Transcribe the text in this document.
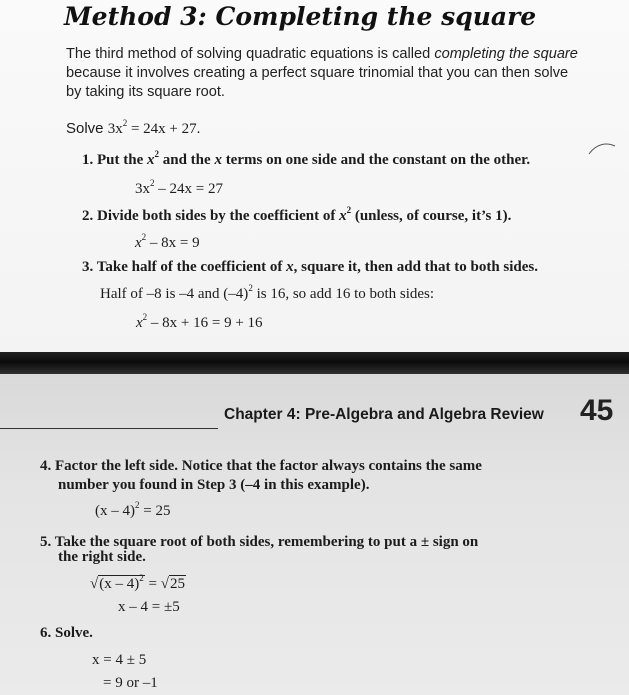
Method 3: Completing the square
The third method of solving quadratic equations is called completing the square because it involves creating a perfect square trinomial that you can then solve by taking its square root.
Solve $3x^2 = 24x + 27$.
1. Put the $x^2$ and the x terms on one side and the constant on the other.
$3x^2 - 24x = 27$
2. Divide both sides by the coefficient of $x^2$ (unless, of course, it’s 1).
$x^2 - 8x = 9$
3. Take half of the coefficient of x, square it, then add that to both sides.
Half of –8 is –4 and $(-4)^2$ is 16, so add 16 to both sides:
$x^2 - 8x + 16 = 9 + 16$
Chapter 4: Pre-Algebra and Algebra Review 45
4. Factor the left side. Notice that the factor always contains the same
number you found in Step 3 (–4 in this example).
(x – 4)$^2$ = 25
5. Take the square root of both sides, remembering to put a ± sign on
the right side.
√(x – 4)$^2$ = √25
x – 4 = ±5
6. Solve.
x = 4 ± 5
= 9 or –1
